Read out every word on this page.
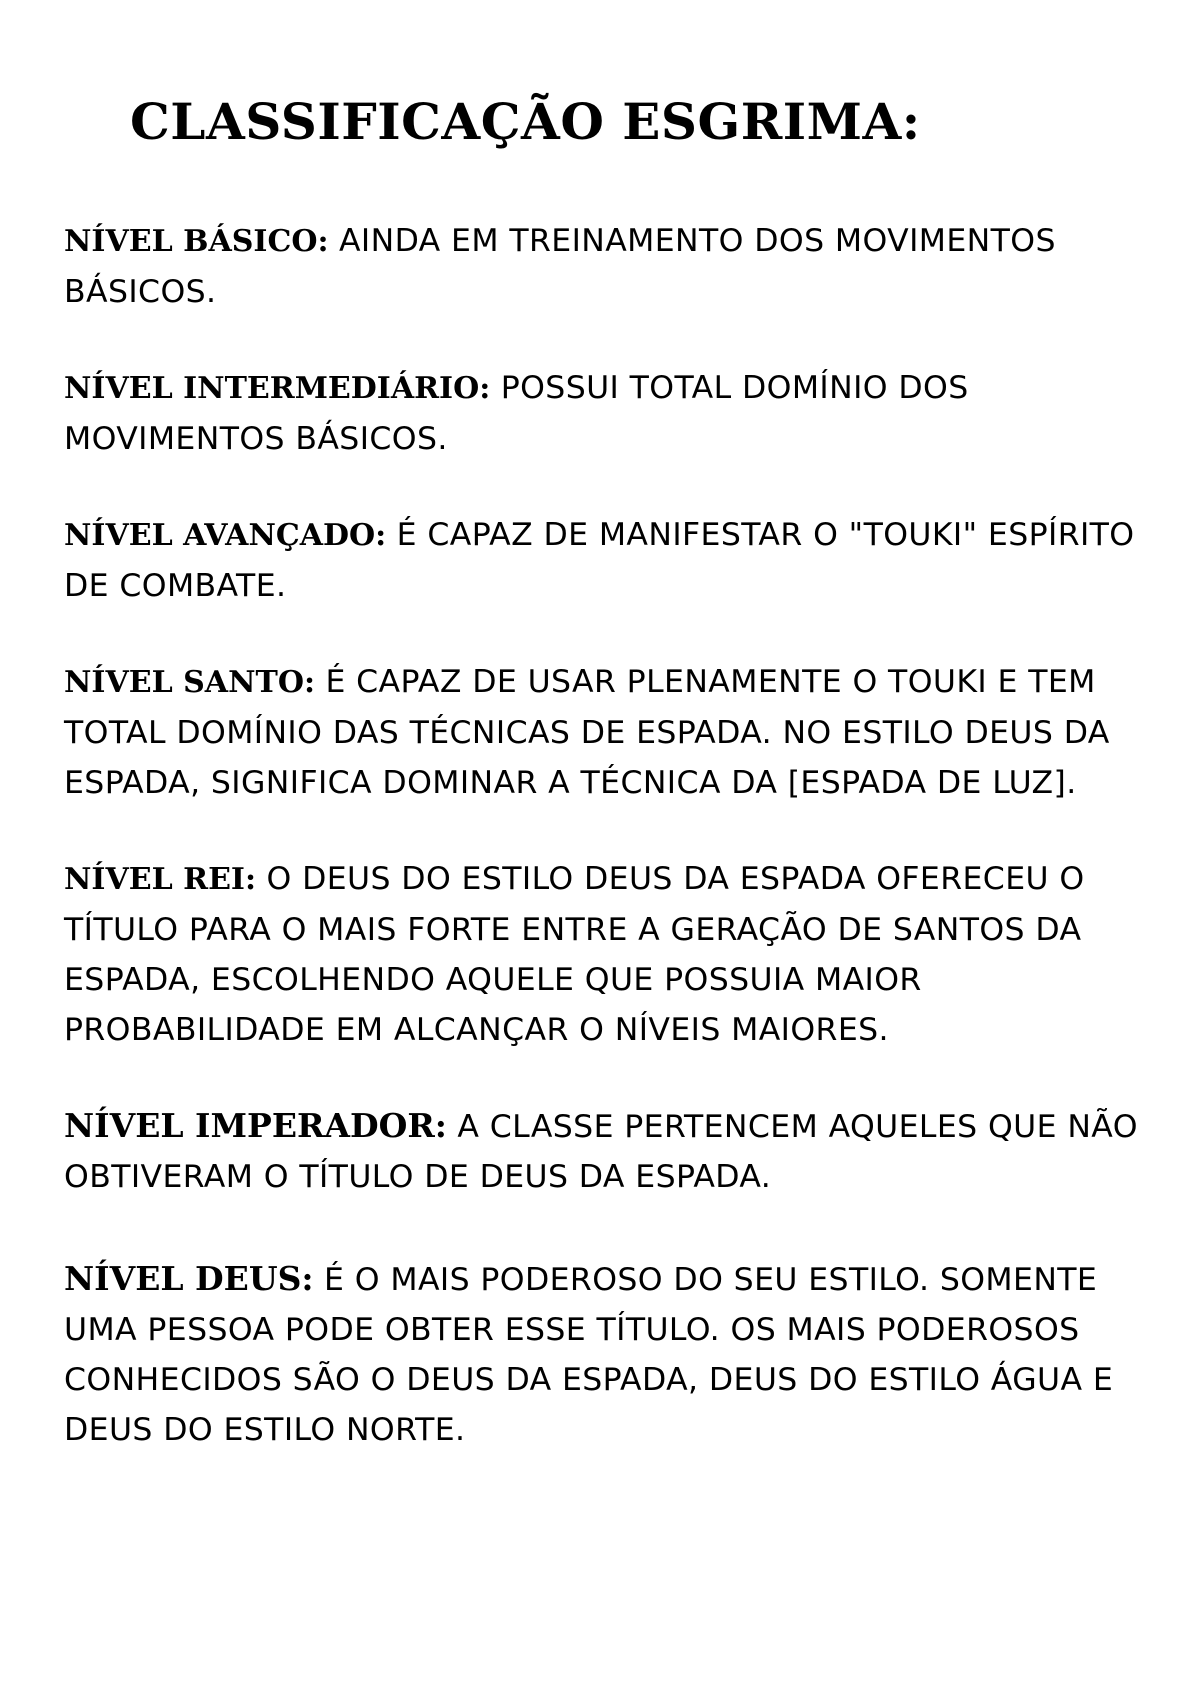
CLASSIFICAÇÃO ESGRIMA:

NÍVEL BÁSICO: AINDA EM TREINAMENTO DOS MOVIMENTOS BÁSICOS.

NÍVEL INTERMEDIÁRIO: POSSUI TOTAL DOMÍNIO DOS MOVIMENTOS BÁSICOS.

NÍVEL AVANÇADO: É CAPAZ DE MANIFESTAR O "TOUKI" ESPÍRITO DE COMBATE.

NÍVEL SANTO: É CAPAZ DE USAR PLENAMENTE O TOUKI E TEM TOTAL DOMÍNIO DAS TÉCNICAS DE ESPADA. NO ESTILO DEUS DA ESPADA, SIGNIFICA DOMINAR A TÉCNICA DA [ESPADA DE LUZ].

NÍVEL REI: O DEUS DO ESTILO DEUS DA ESPADA OFERECEU O TÍTULO PARA O MAIS FORTE ENTRE A GERAÇÃO DE SANTOS DA ESPADA, ESCOLHENDO AQUELE QUE POSSUIA MAIOR PROBABILIDADE EM ALCANÇAR O NÍVEIS MAIORES.

NÍVEL IMPERADOR: A CLASSE PERTENCEM AQUELES QUE NÃO OBTIVERAM O TÍTULO DE DEUS DA ESPADA.

NÍVEL DEUS: É O MAIS PODEROSO DO SEU ESTILO. SOMENTE UMA PESSOA PODE OBTER ESSE TÍTULO. OS MAIS PODEROSOS CONHECIDOS SÃO O DEUS DA ESPADA, DEUS DO ESTILO ÁGUA E DEUS DO ESTILO NORTE.
